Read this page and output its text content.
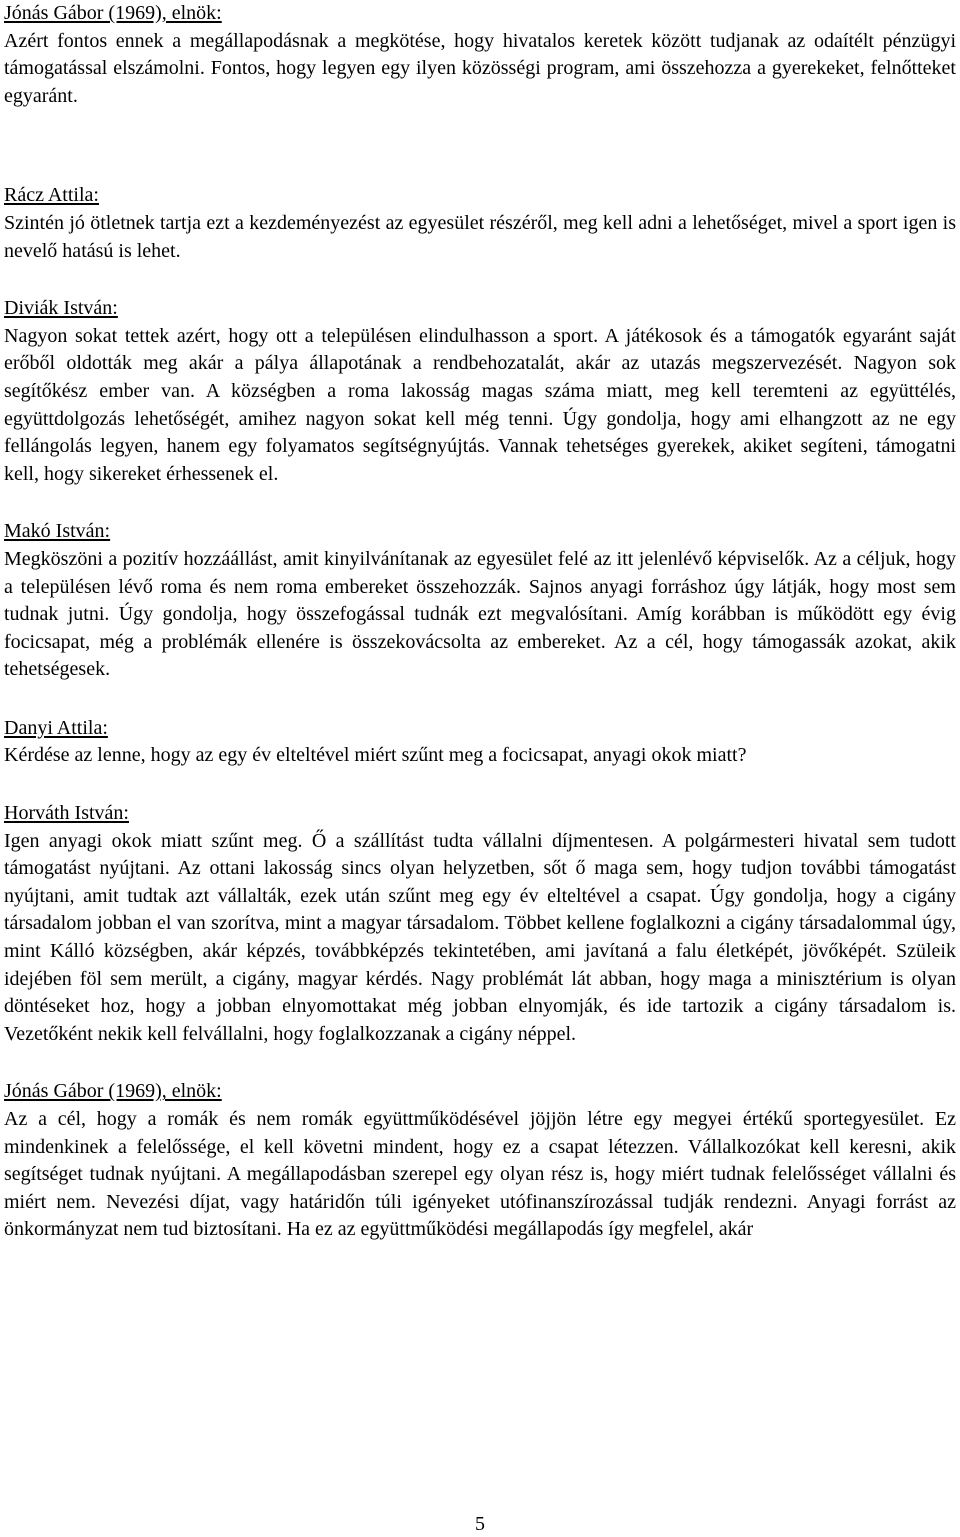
Jónás Gábor (1969), elnök:

Azért fontos ennek a megállapodásnak a megkötése, hogy hivatalos keretek között tudjanak az odaítélt pénzügyi támogatással elszámolni. Fontos, hogy legyen egy ilyen közösségi program, ami összehozza a gyerekeket, felnőtteket egyaránt.

Rácz Attila:

Szintén jó ötletnek tartja ezt a kezdeményezést az egyesület részéről, meg kell adni a lehetőséget, mivel a sport igen is nevelő hatású is lehet.

Diviák István:

Nagyon sokat tettek azért, hogy ott a településen elindulhasson a sport. A játékosok és a támogatók egyaránt saját erőből oldották meg akár a pálya állapotának a rendbehozatalát, akár az utazás megszervezését. Nagyon sok segítőkész ember van. A községben a roma lakosság magas száma miatt, meg kell teremteni az együttélés, együttdolgozás lehetőségét, amihez nagyon sokat kell még tenni. Úgy gondolja, hogy ami elhangzott az ne egy fellángolás legyen, hanem egy folyamatos segítségnyújtás. Vannak tehetséges gyerekek, akiket segíteni, támogatni kell, hogy sikereket érhessenek el.

Makó István:

Megköszöni a pozitív hozzáállást, amit kinyilvánítanak az egyesület felé az itt jelenlévő képviselők. Az a céljuk, hogy a településen lévő roma és nem roma embereket összehozzák. Sajnos anyagi forráshoz úgy látják, hogy most sem tudnak jutni. Úgy gondolja, hogy összefogással tudnák ezt megvalósítani. Amíg korábban is működött egy évig focicsapat, még a problémák ellenére is összekovácsolta az embereket. Az a cél, hogy támogassák azokat, akik tehetségesek.

Danyi Attila:

Kérdése az lenne, hogy az egy év elteltével miért szűnt meg a focicsapat, anyagi okok miatt?

Horváth István:

Igen anyagi okok miatt szűnt meg. Ő a szállítást tudta vállalni díjmentesen. A polgármesteri hivatal sem tudott támogatást nyújtani. Az ottani lakosság sincs olyan helyzetben, sőt ő maga sem, hogy tudjon további támogatást nyújtani, amit tudtak azt vállalták, ezek után szűnt meg egy év elteltével a csapat. Úgy gondolja, hogy a cigány társadalom jobban el van szorítva, mint a magyar társadalom. Többet kellene foglalkozni a cigány társadalommal úgy, mint Kálló községben, akár képzés, továbbképzés tekintetében, ami javítaná a falu életképét, jövőképét. Szüleik idejében föl sem merült, a cigány, magyar kérdés. Nagy problémát lát abban, hogy maga a minisztérium is olyan döntéseket hoz, hogy a jobban elnyomottakat még jobban elnyomják, és ide tartozik a cigány társadalom is. Vezetőként nekik kell felvállalni, hogy foglalkozzanak a cigány néppel.

Jónás Gábor (1969), elnök:

Az a cél, hogy a romák és nem romák együttműködésével jöjjön létre egy megyei értékű sportegyesület. Ez mindenkinek a felelőssége, el kell követni mindent, hogy ez a csapat létezzen. Vállalkozókat kell keresni, akik segítséget tudnak nyújtani. A megállapodásban szerepel egy olyan rész is, hogy miért tudnak felelősséget vállalni és miért nem. Nevezési díjat, vagy határidőn túli igényeket utófinanszírozással tudják rendezni. Anyagi forrást az önkormányzat nem tud biztosítani. Ha ez az együttműködési megállapodás így megfelel, akár

5
